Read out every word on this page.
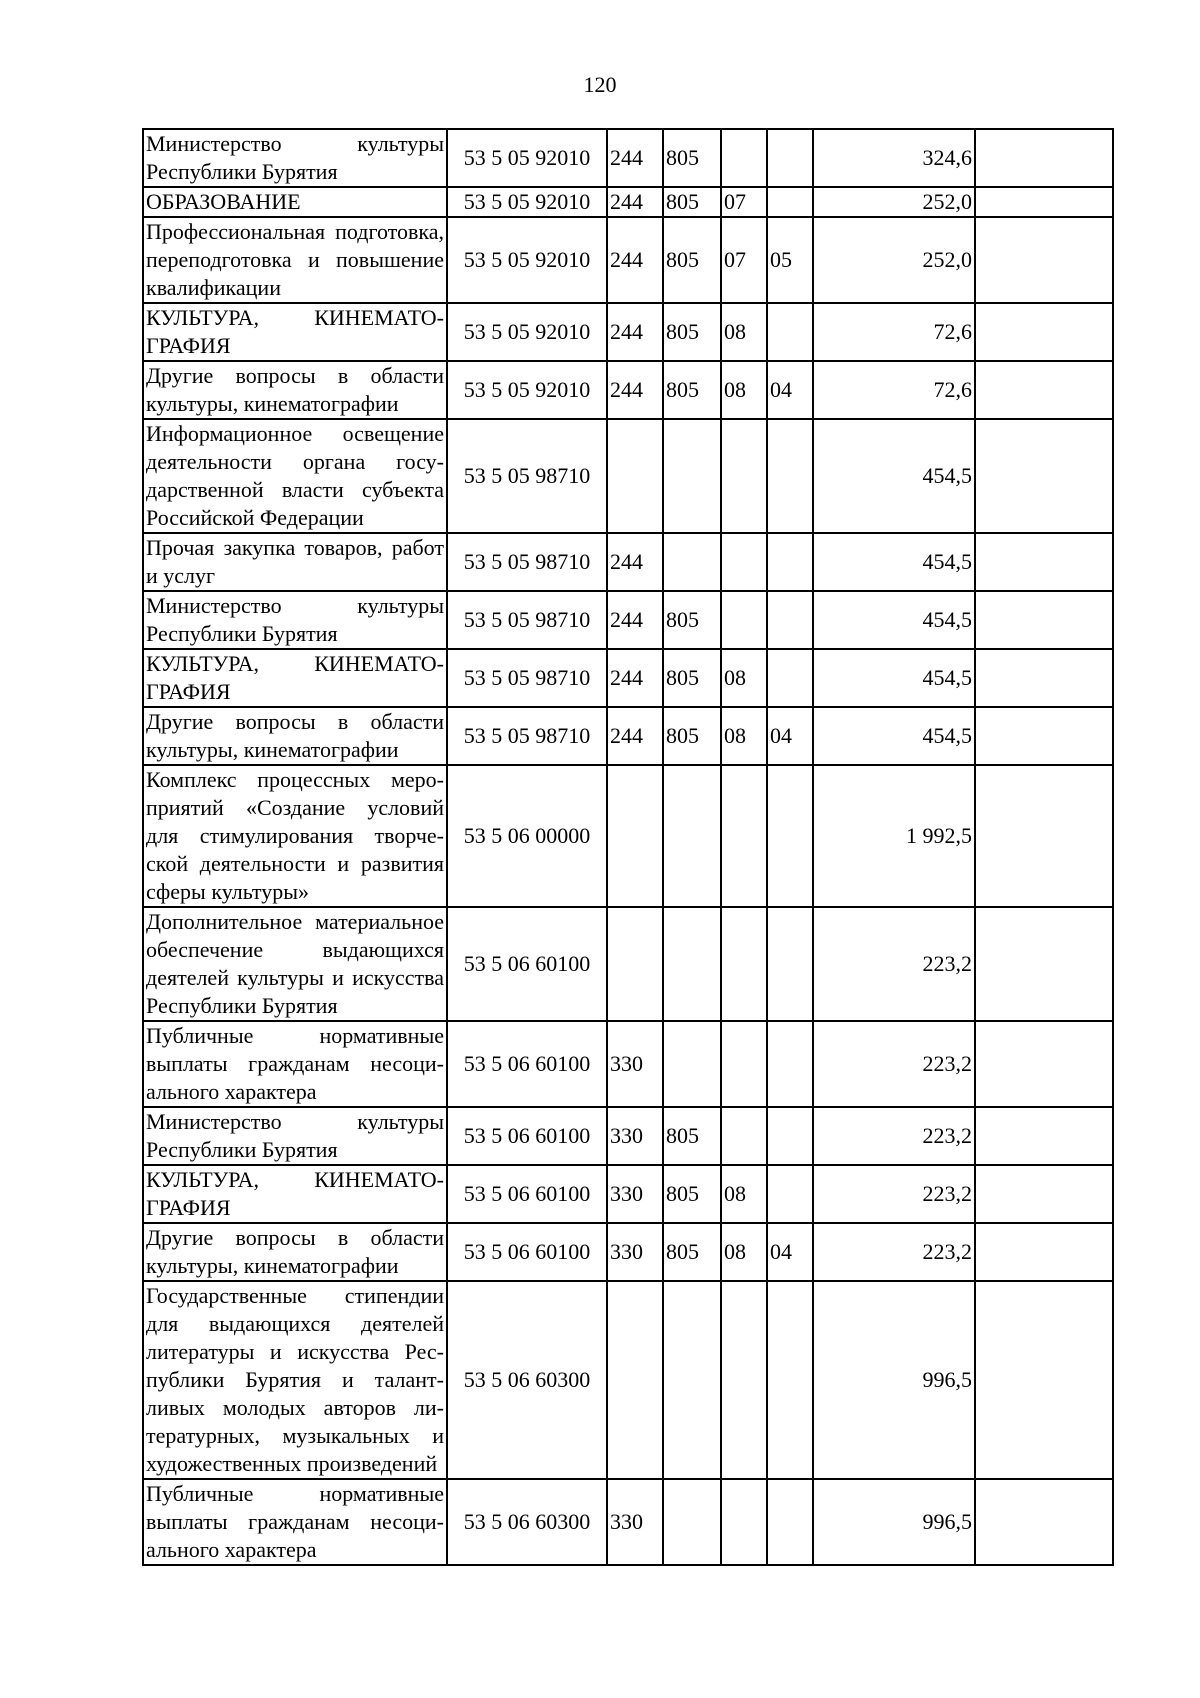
120
Министерство культуры Республики Бурятия	53 5 05 92010	244	805			324,6	
ОБРАЗОВАНИЕ	53 5 05 92010	244	805	07		252,0	
Профессиональная подготовка, переподготовка и повышение квалификации	53 5 05 92010	244	805	07	05	252,0	
КУЛЬТУРА, КИНЕМАТОГРАФИЯ	53 5 05 92010	244	805	08		72,6	
Другие вопросы в области культуры, кинематографии	53 5 05 92010	244	805	08	04	72,6	
Информационное освещение деятельности органа государственной власти субъекта Российской Федерации	53 5 05 98710					454,5	
Прочая закупка товаров, работ и услуг	53 5 05 98710	244				454,5	
Министерство культуры Республики Бурятия	53 5 05 98710	244	805			454,5	
КУЛЬТУРА, КИНЕМАТОГРАФИЯ	53 5 05 98710	244	805	08		454,5	
Другие вопросы в области культуры, кинематографии	53 5 05 98710	244	805	08	04	454,5	
Комплекс процессных мероприятий «Создание условий для стимулирования творческой деятельности и развития сферы культуры»	53 5 06 00000					1 992,5	
Дополнительное материальное обеспечение выдающихся деятелей культуры и искусства Республики Бурятия	53 5 06 60100					223,2	
Публичные нормативные выплаты гражданам несоциального характера	53 5 06 60100	330				223,2	
Министерство культуры Республики Бурятия	53 5 06 60100	330	805			223,2	
КУЛЬТУРА, КИНЕМАТОГРАФИЯ	53 5 06 60100	330	805	08		223,2	
Другие вопросы в области культуры, кинематографии	53 5 06 60100	330	805	08	04	223,2	
Государственные стипендии для выдающихся деятелей литературы и искусства Республики Бурятия и талантливых молодых авторов литературных, музыкальных и художественных произведений	53 5 06 60300					996,5	
Публичные нормативные выплаты гражданам несоциального характера	53 5 06 60300	330				996,5	
